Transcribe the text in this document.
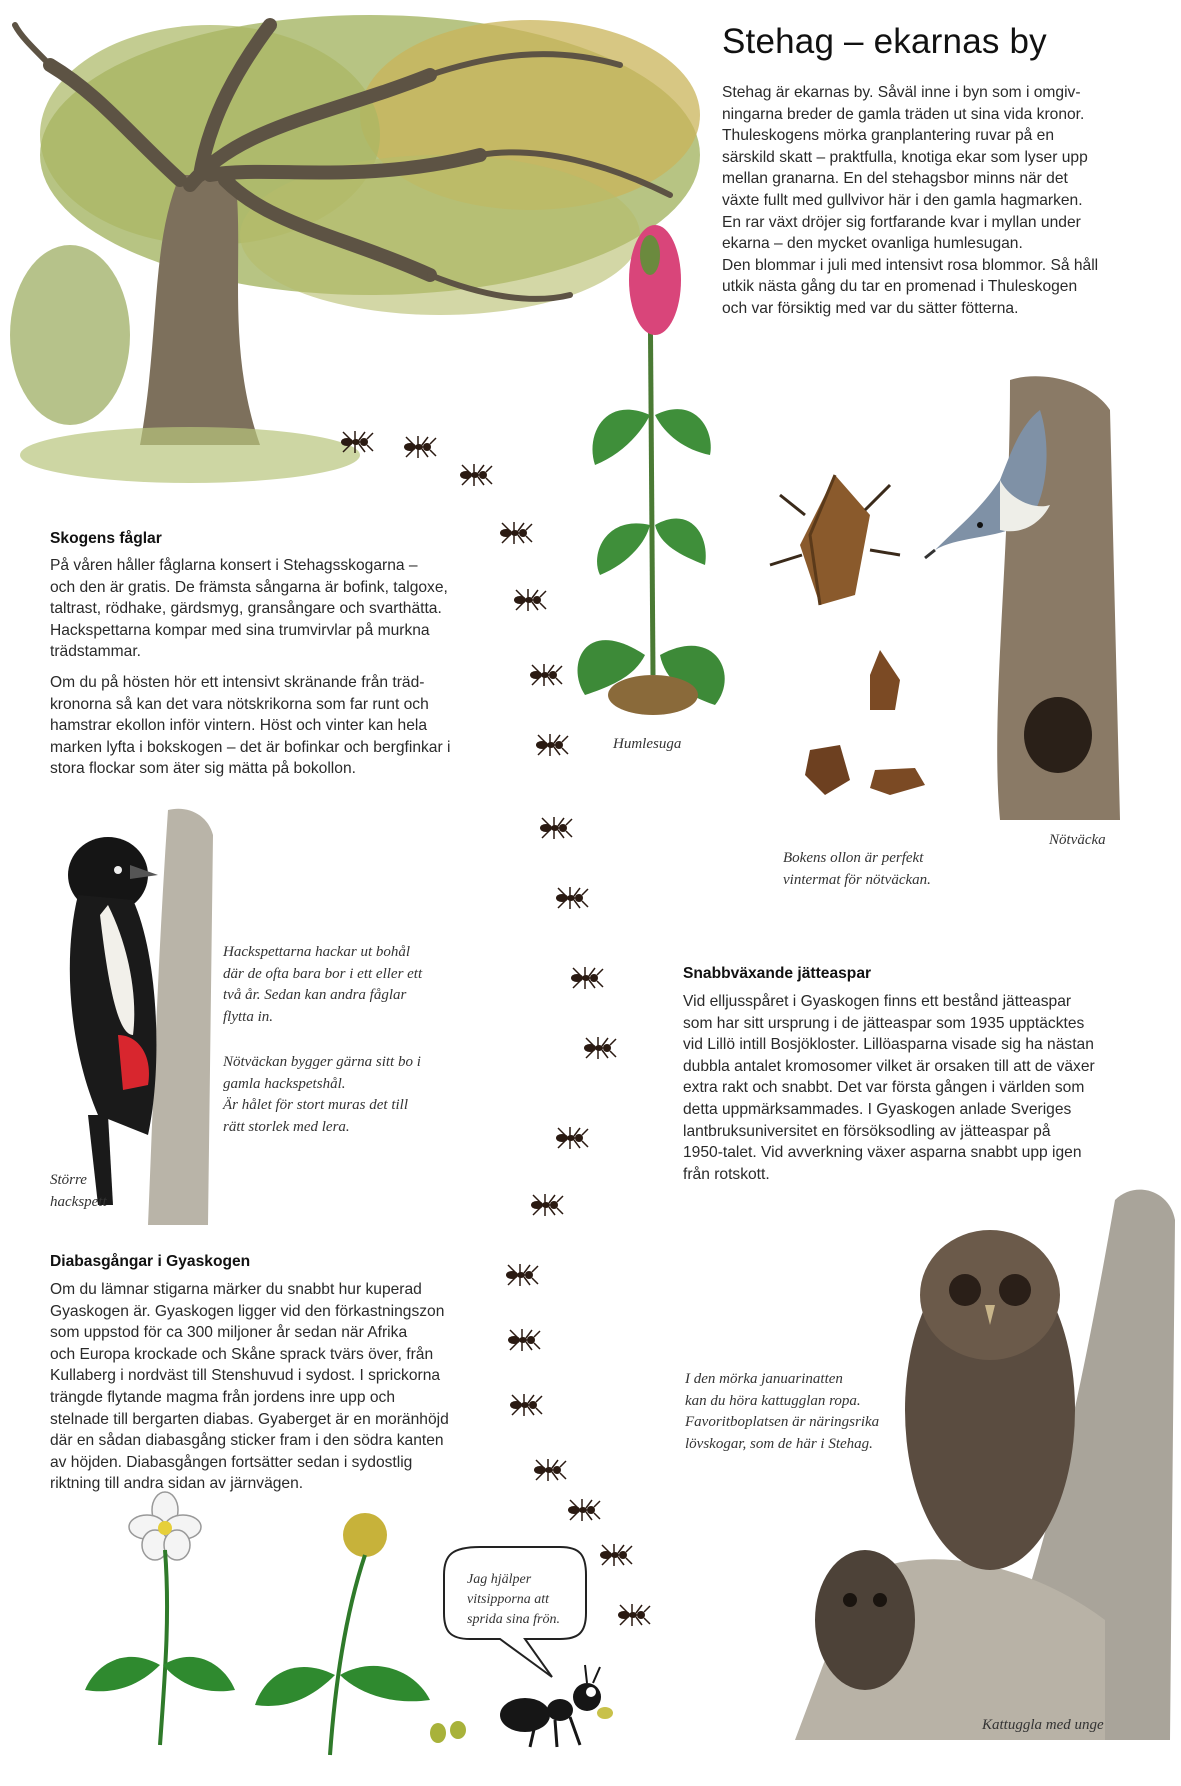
Stehag – ekarnas by

Stehag är ekarnas by. Såväl inne i byn som i omgiv-
ningarna breder de gamla träden ut sina vida kronor.
Thuleskogens mörka granplantering ruvar på en
särskild skatt – praktfulla, knotiga ekar som lyser upp
mellan granarna. En del stehagsbor minns när det
växte fullt med gullvivor här i den gamla hagmarken.
En rar växt dröjer sig fortfarande kvar i myllan under
ekarna – den mycket ovanliga humlesugan.
Den blommar i juli med intensivt rosa blommor. Så håll
utkik nästa gång du tar en promenad i Thuleskogen
och var försiktig med var du sätter fötterna.

Skogens fåglar

På våren håller fåglarna konsert i Stehagsskogarna –
och den är gratis. De främsta sångarna är bofink, talgoxe,
taltrast, rödhake, gärdsmyg, gransångare och svarthätta.
Hackspettarna kompar med sina trumvirvlar på murkna
trädstammar.

Om du på hösten hör ett intensivt skränande från träd-
kronorna så kan det vara nötskrikorna som far runt och
hamstrar ekollon inför vintern. Höst och vinter kan hela
marken lyfta i bokskogen – det är bofinkar och bergfinkar i
stora flockar som äter sig mätta på bokollon.

Snabbväxande jätteaspar

Vid elljusspåret i Gyaskogen finns ett bestånd jätteaspar
som har sitt ursprung i de jätteaspar som 1935 upptäcktes
vid Lillö intill Bosjökloster. Lillöasparna visade sig ha nästan
dubbla antalet kromosomer vilket är orsaken till att de växer
extra rakt och snabbt. Det var första gången i världen som
detta uppmärksammades. I Gyaskogen anlade Sveriges
lantbruksuniversitet en försöksodling av jätteaspar på
1950-talet. Vid avverkning växer asparna snabbt upp igen
från rotskott.

Diabasgångar i Gyaskogen

Om du lämnar stigarna märker du snabbt hur kuperad
Gyaskogen är. Gyaskogen ligger vid den förkastningszon
som uppstod för ca 300 miljoner år sedan när Afrika
och Europa krockade och Skåne sprack tvärs över, från
Kullaberg i nordväst till Stenshuvud i sydost. I sprickorna
trängde flytande magma från jordens inre upp och
stelnade till bergarten diabas. Gyaberget är en moränhöjd
där en sådan diabasgång sticker fram i den södra kanten
av höjden. Diabasgången fortsätter sedan i sydostlig
riktning till andra sidan av järnvägen.

Humlesuga
Bokens ollon är perfekt
vintermat för nötväckan.
Nötväcka
Hackspettarna hackar ut bohål
där de ofta bara bor i ett eller ett
två år. Sedan kan andra fåglar
flytta in.
Nötväckan bygger gärna sitt bo i
gamla hackspetshål.
Är hålet för stort muras det till
rätt storlek med lera.
Större
hackspett
I den mörka januarinatten
kan du höra kattugglan ropa.
Favoritboplatsen är näringsrika
lövskogar, som de här i Stehag.
Kattuggla med unge
Jag hjälper
vitsipporna att
sprida sina frön.
